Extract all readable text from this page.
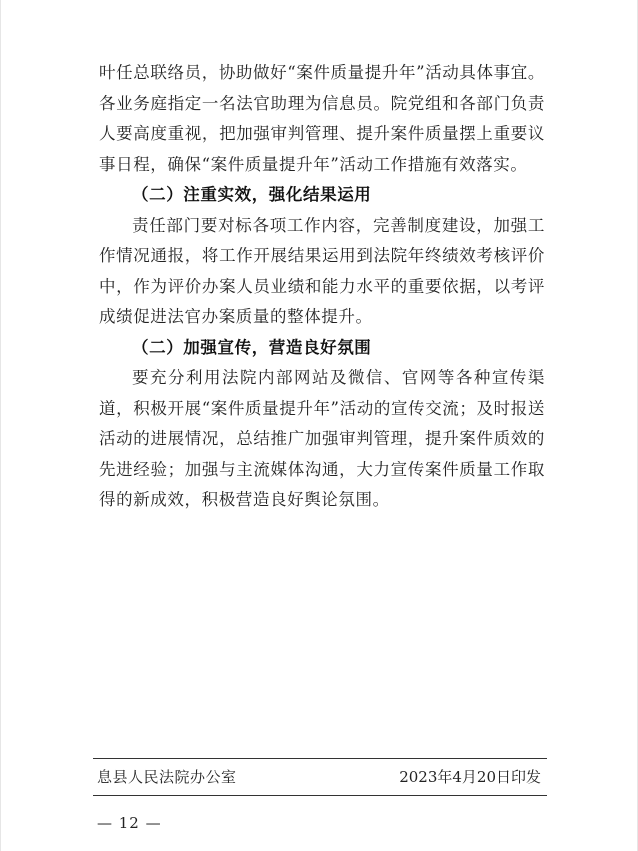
叶任总联络员，协助做好“案件质量提升年”活动具体事宜。各业务庭指定一名法官助理为信息员。院党组和各部门负责人要高度重视，把加强审判管理、提升案件质量摆上重要议事日程，确保“案件质量提升年”活动工作措施有效落实。

（二）注重实效，强化结果运用

责任部门要对标各项工作内容，完善制度建设，加强工作情况通报，将工作开展结果运用到法院年终绩效考核评价中，作为评价办案人员业绩和能力水平的重要依据，以考评成绩促进法官办案质量的整体提升。

（二）加强宣传，营造良好氛围

要充分利用法院内部网站及微信、官网等各种宣传渠道，积极开展“案件质量提升年”活动的宣传交流；及时报送活动的进展情况，总结推广加强审判管理，提升案件质效的先进经验；加强与主流媒体沟通，大力宣传案件质量工作取得的新成效，积极营造良好舆论氛围。

息县人民法院办公室	2023年4月20日印发
— 12 —
